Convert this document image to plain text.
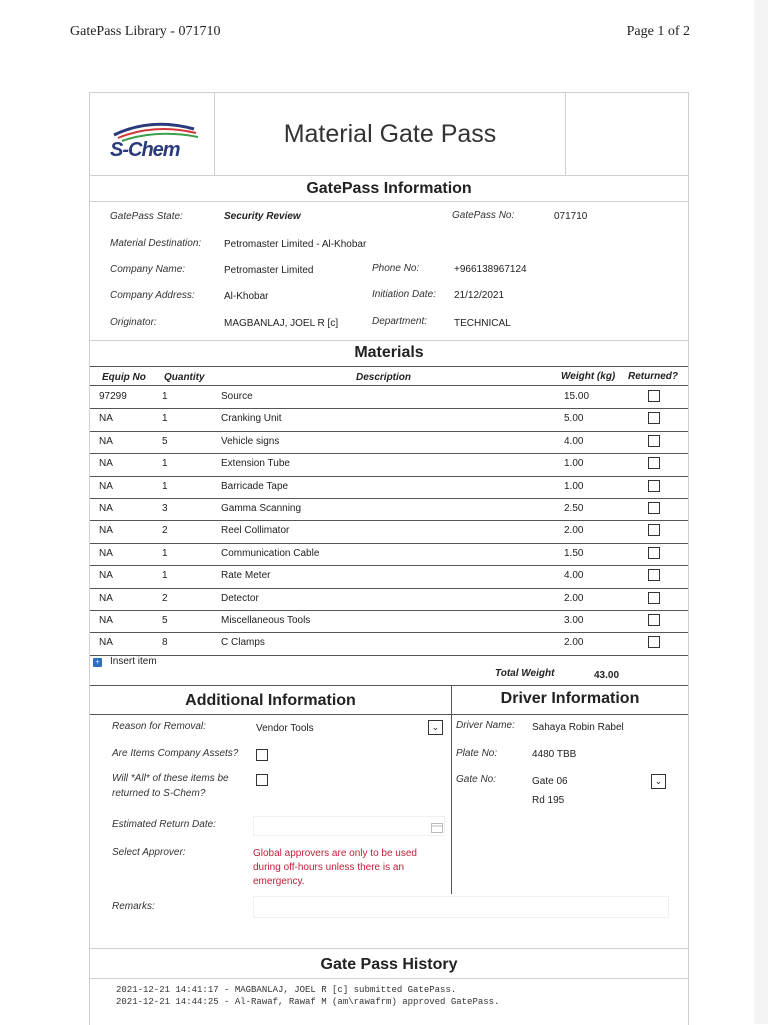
GatePass Library - 071710	Page 1 of 2
S-Chem
Material Gate Pass
GatePass Information
GatePass State:	Security Review	GatePass No:	071710
Material Destination: Petromaster Limited - Al-Khobar
Company Name:	Petromaster Limited	Phone No:	+966138967124
Company Address:	Al-Khobar	Initiation Date: 21/12/2021
Originator:	MAGBANLAJ, JOEL R [c]	Department:	TECHNICAL
Materials
Equip No Quantity	Description	Weight (kg) Returned?
97299	1	Source	15.00
NA	1	Cranking Unit	5.00
NA	5	Vehicle signs	4.00
NA	1	Extension Tube	1.00
NA	1	Barricade Tape	1.00
NA	3	Gamma Scanning	2.50
NA	2	Reel Collimator	2.00
NA	1	Communication Cable	1.50
NA	1	Rate Meter	4.00
NA	2	Detector	2.00
NA	5	Miscellaneous Tools	3.00
NA	8	C Clamps	2.00
+ Insert item
Total Weight	43.00
Additional Information	Driver Information
Reason for Removal:	Vendor Tools	⌄
Are Items Company Assets?
Will *All* of these items be
returned to S-Chem?
Estimated Return Date:
Select Approver:	Global approvers are only to be used
during off-hours unless there is an
emergency.
Remarks:
Driver Name: Sahaya Robin Rabel
Plate No:	4480 TBB
Gate No:	Gate 06
Rd 195
⌄
Gate Pass History
2021-12-21 14:41:17 - MAGBANLAJ, JOEL R [c] submitted GatePass.
2021-12-21 14:44:25 - Al-Rawaf, Rawaf M (am\rawafrm) approved GatePass.
